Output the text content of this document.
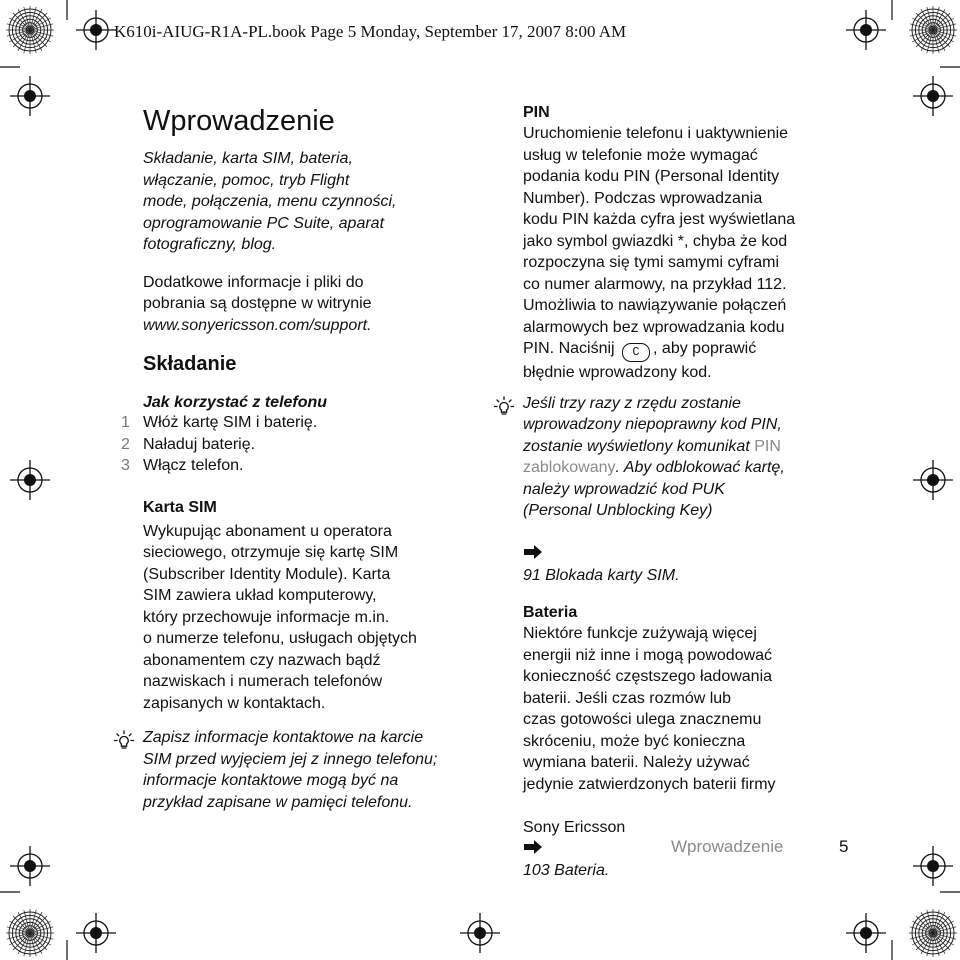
K610i-AIUG-R1A-PL.book Page 5 Monday, September 17, 2007 8:00 AM
Wprowadzenie

Składanie, karta SIM, bateria,
włączanie, pomoc, tryb Flight
mode, połączenia, menu czynności,
oprogramowanie PC Suite, aparat
fotograficzny, blog.

Dodatkowe informacje i pliki do
pobrania są dostępne w witrynie
www.sonyericsson.com/support.
Składanie
Jak korzystać z telefonu
1 Włóż kartę SIM i baterię.
2 Naładuj baterię.
3 Włącz telefon.
Karta SIM

Wykupując abonament u operatora
sieciowego, otrzymuje się kartę SIM
(Subscriber Identity Module). Karta
SIM zawiera układ komputerowy,
który przechowuje informacje m.in.
o numerze telefonu, usługach objętych
abonamentem czy nazwach bądź
nazwiskach i numerach telefonów
zapisanych w kontaktach.

Zapisz informacje kontaktowe na karcie
SIM przed wyjęciem jej z innego telefonu;
informacje kontaktowe mogą być na
przykład zapisane w pamięci telefonu.

PIN

Uruchomienie telefonu i uaktywnienie
usług w telefonie może wymagać
podania kodu PIN (Personal Identity
Number). Podczas wprowadzania
kodu PIN każda cyfra jest wyświetlana
jako symbol gwiazdki *, chyba że kod
rozpoczyna się tymi samymi cyframi
co numer alarmowy, na przykład 112.
Umożliwia to nawiązywanie połączeń
alarmowych bez wprowadzania kodu

PIN. Naciśnij C , aby poprawić
błędnie wprowadzony kod.
Jeśli trzy razy z rzędu zostanie
wprowadzony niepoprawny kod PIN,
zostanie wyświetlony komunikat PIN
zablokowany. Aby odblokować kartę,
należy wprowadzić kod PUK
(Personal Unblocking Key)

91 Blokada karty SIM.

Bateria

Niektóre funkcje zużywają więcej
energii niż inne i mogą powodować
konieczność częstszego ładowania
baterii. Jeśli czas rozmów lub
czas gotowości ulega znacznemu
skróceniu, może być konieczna
wymiana baterii. Należy używać
jedynie zatwierdzonych baterii firmy

Sony Ericsson

103 Bateria.

Wprowadzenie	5
